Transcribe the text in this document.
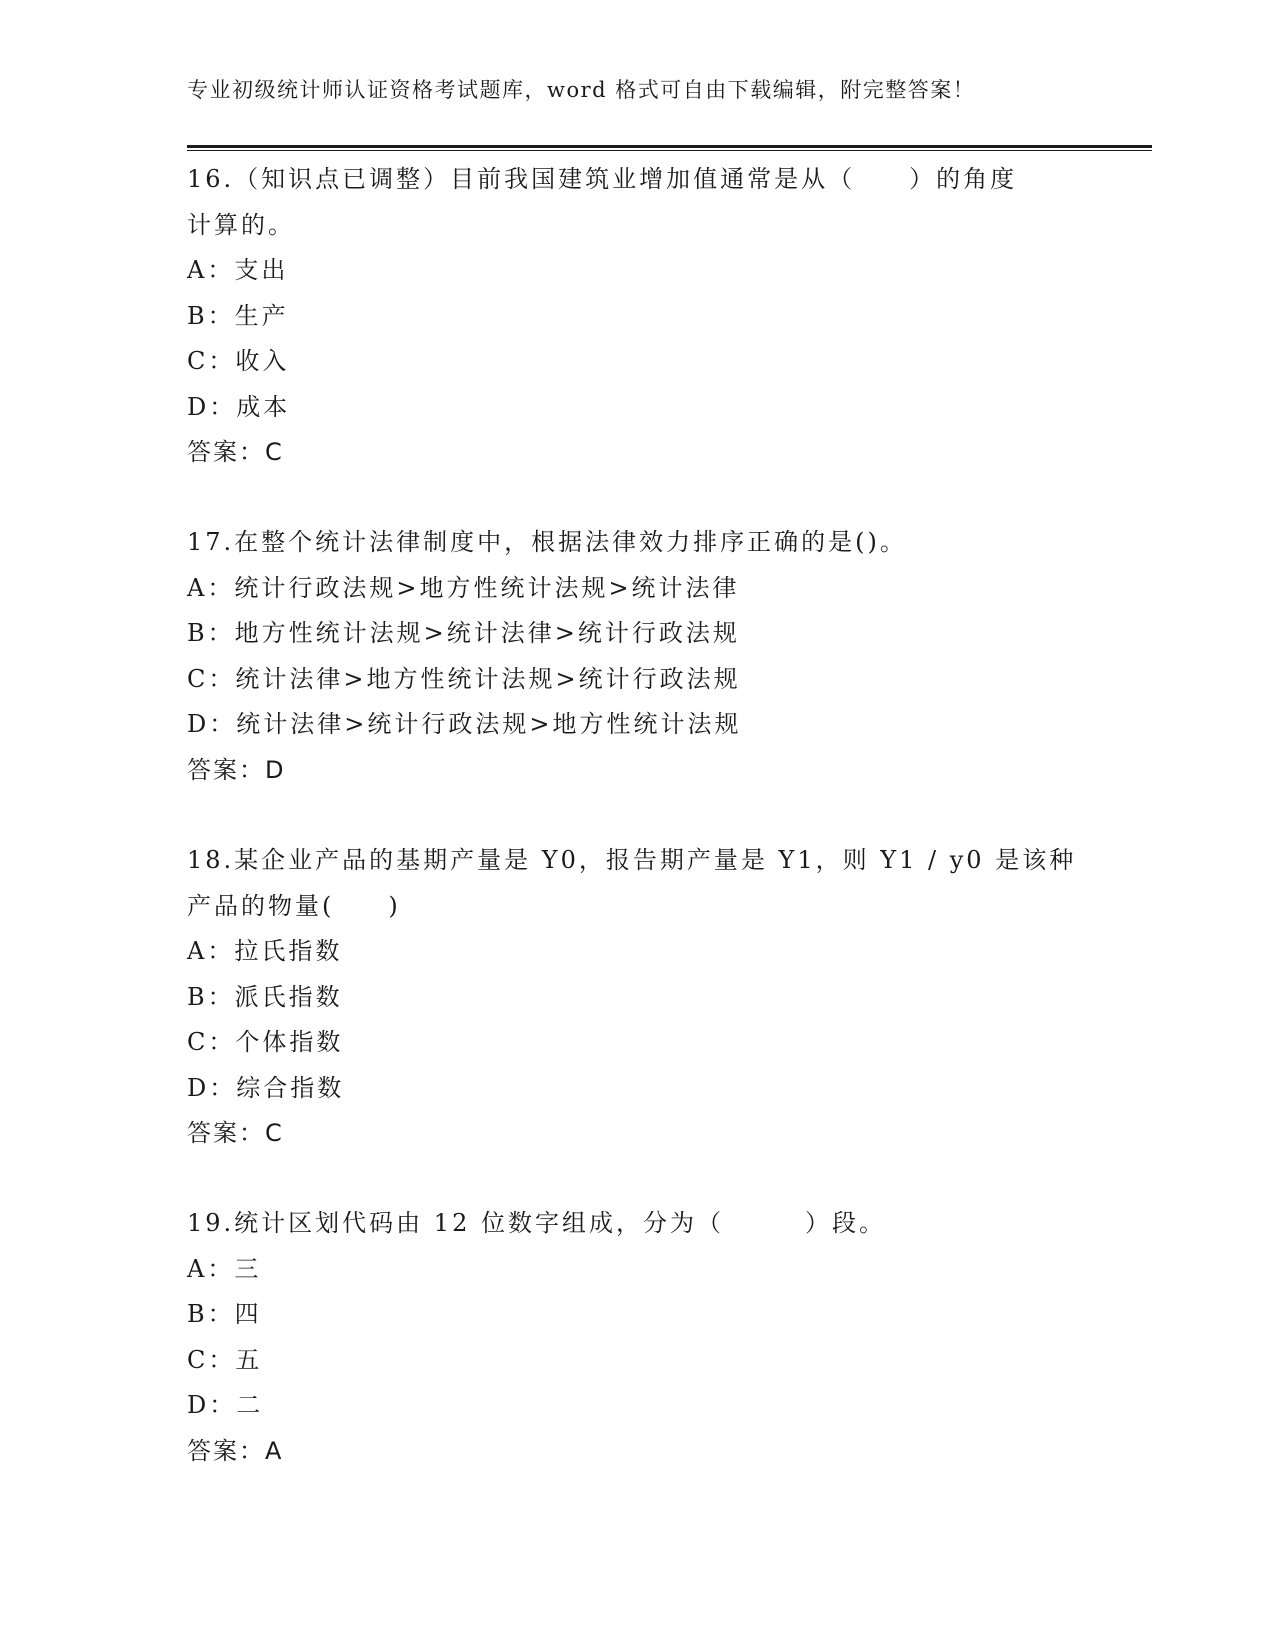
专业初级统计师认证资格考试题库，word 格式可自由下载编辑，附完整答案！
16.（知识点已调整）目前我国建筑业增加值通常是从（　　）的角度
计算的。
A：支出
B：生产
C：收入
D：成本
答案：C
17.在整个统计法律制度中，根据法律效力排序正确的是()。
A：统计行政法规>地方性统计法规>统计法律
B：地方性统计法规>统计法律>统计行政法规
C：统计法律>地方性统计法规>统计行政法规
D：统计法律>统计行政法规>地方性统计法规
答案：D
18.某企业产品的基期产量是 Y0，报告期产量是 Y1，则 Y1 / y0 是该种
产品的物量(　　)
A：拉氏指数
B：派氏指数
C：个体指数
D：综合指数
答案：C
19.统计区划代码由 12 位数字组成，分为（　　　）段。
A：三
B：四
C：五
D：二
答案：A
